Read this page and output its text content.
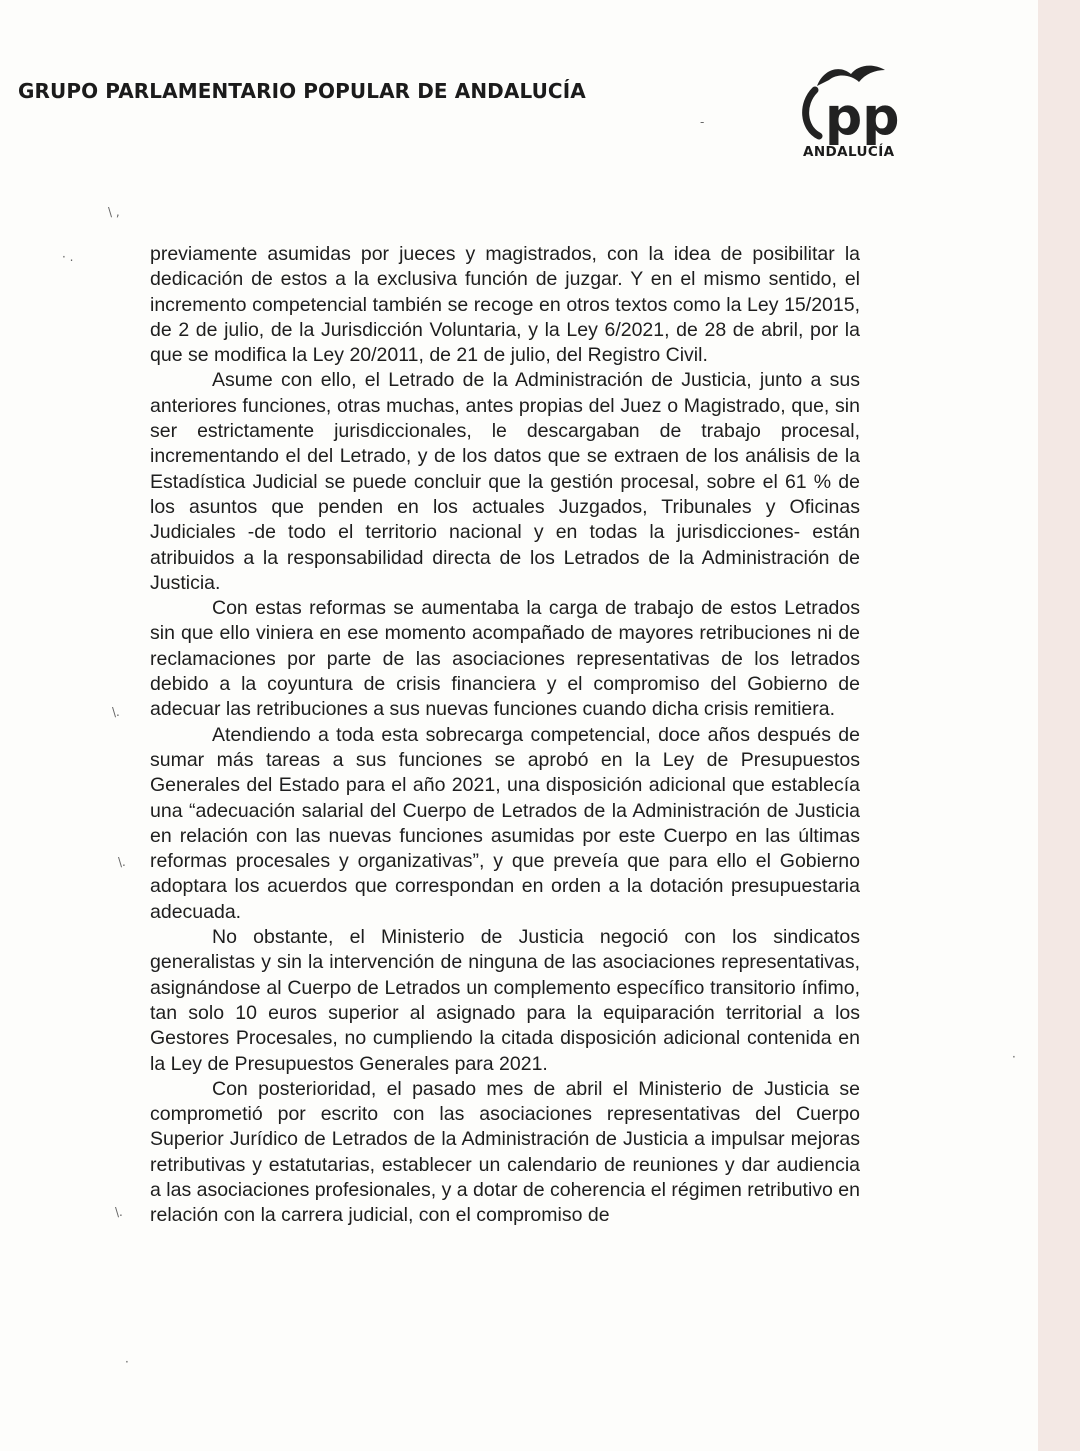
GRUPO PARLAMENTARIO POPULAR DE ANDALUCÍA	pp
ANDALUCÍA

previamente asumidas por jueces y magistrados, con la idea de posibilitar la dedicación de estos a la exclusiva función de juzgar. Y en el mismo sentido, el incremento competencial también se recoge en otros textos como la Ley 15/2015, de 2 de julio, de la Jurisdicción Voluntaria, y la Ley 6/2021, de 28 de abril, por la que se modifica la Ley 20/2011, de 21 de julio, del Registro Civil.

Asume con ello, el Letrado de la Administración de Justicia, junto a sus anteriores funciones, otras muchas, antes propias del Juez o Magistrado, que, sin ser estrictamente jurisdiccionales, le descargaban de trabajo procesal, incrementando el del Letrado, y de los datos que se extraen de los análisis de la Estadística Judicial se puede concluir que la gestión procesal, sobre el 61 % de los asuntos que penden en los actuales Juzgados, Tribunales y Oficinas Judiciales -de todo el territorio nacional y en todas la jurisdicciones- están atribuidos a la responsabilidad directa de los Letrados de la Administración de Justicia.

Con estas reformas se aumentaba la carga de trabajo de estos Letrados sin que ello viniera en ese momento acompañado de mayores retribuciones ni de reclamaciones por parte de las asociaciones representativas de los letrados debido a la coyuntura de crisis financiera y el compromiso del Gobierno de adecuar las retribuciones a sus nuevas funciones cuando dicha crisis remitiera.

Atendiendo a toda esta sobrecarga competencial, doce años después de sumar más tareas a sus funciones se aprobó en la Ley de Presupuestos Generales del Estado para el año 2021, una disposición adicional que establecía una “adecuación salarial del Cuerpo de Letrados de la Administración de Justicia en relación con las nuevas funciones asumidas por este Cuerpo en las últimas reformas procesales y organizativas”, y que preveía que para ello el Gobierno adoptara los acuerdos que correspondan en orden a la dotación presupuestaria adecuada.

No obstante, el Ministerio de Justicia negoció con los sindicatos generalistas y sin la intervención de ninguna de las asociaciones representativas, asignándose al Cuerpo de Letrados un complemento específico transitorio ínfimo, tan solo 10 euros superior al asignado para la equiparación territorial a los Gestores Procesales, no cumpliendo la citada disposición adicional contenida en la Ley de Presupuestos Generales para 2021.

Con posterioridad, el pasado mes de abril el Ministerio de Justicia se comprometió por escrito con las asociaciones representativas del Cuerpo Superior Jurídico de Letrados de la Administración de Justicia a impulsar mejoras retributivas y estatutarias, establecer un calendario de reuniones y dar audiencia a las asociaciones profesionales, y a dotar de coherencia el régimen retributivo en relación con la carrera judicial, con el compromiso de

\ ,
· .
\.
\.
\.
·
·
-
